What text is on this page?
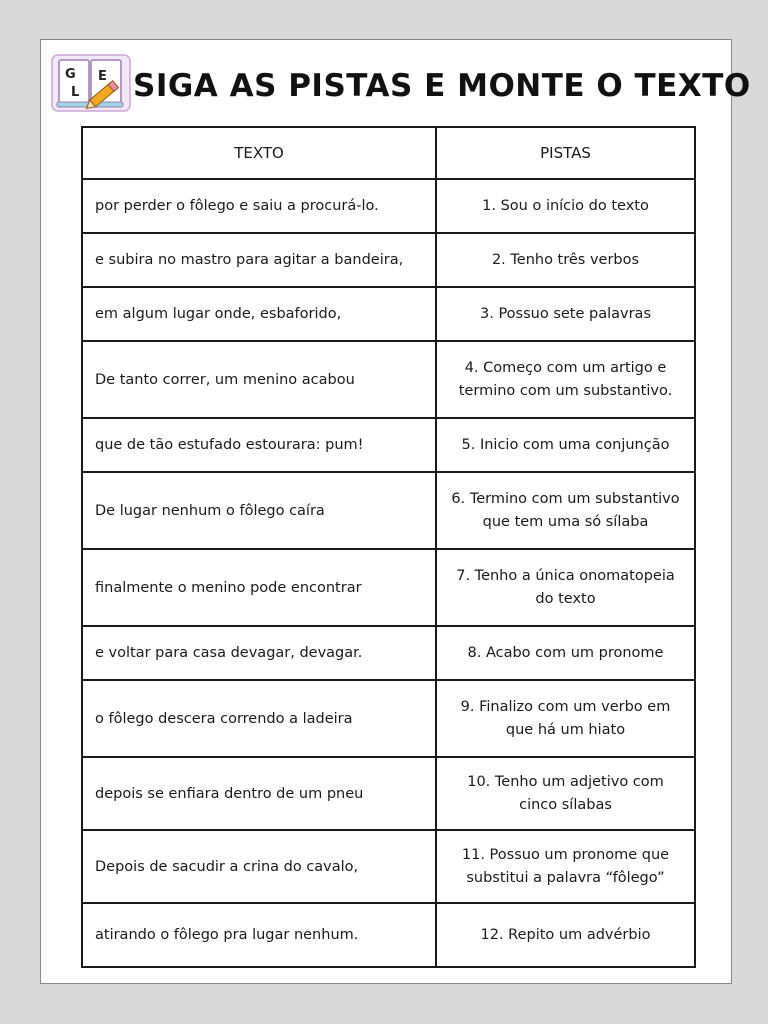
G
L
E SIGA AS PISTAS E MONTE O TEXTO
TEXTO	PISTAS
por perder o fôlego e saiu a procurá-lo.	1. Sou o início do texto
e subira no mastro para agitar a bandeira,	2. Tenho três verbos
em algum lugar onde, esbaforido,	3. Possuo sete palavras
De tanto correr, um menino acabou	4. Começo com um artigo e termino com um substantivo.
que de tão estufado estourara: pum!	5. Inicio com uma conjunção
De lugar nenhum o fôlego caíra	6. Termino com um substantivo que tem uma só sílaba
finalmente o menino pode encontrar	7. Tenho a única onomatopeia do texto
e voltar para casa devagar, devagar.	8. Acabo com um pronome
o fôlego descera correndo a ladeira	9. Finalizo com um verbo em que há um hiato
depois se enfiara dentro de um pneu	10. Tenho um adjetivo com cinco sílabas
Depois de sacudir a crina do cavalo,	11. Possuo um pronome que substitui a palavra “fôlego”
atirando o fôlego pra lugar nenhum.	12. Repito um advérbio
